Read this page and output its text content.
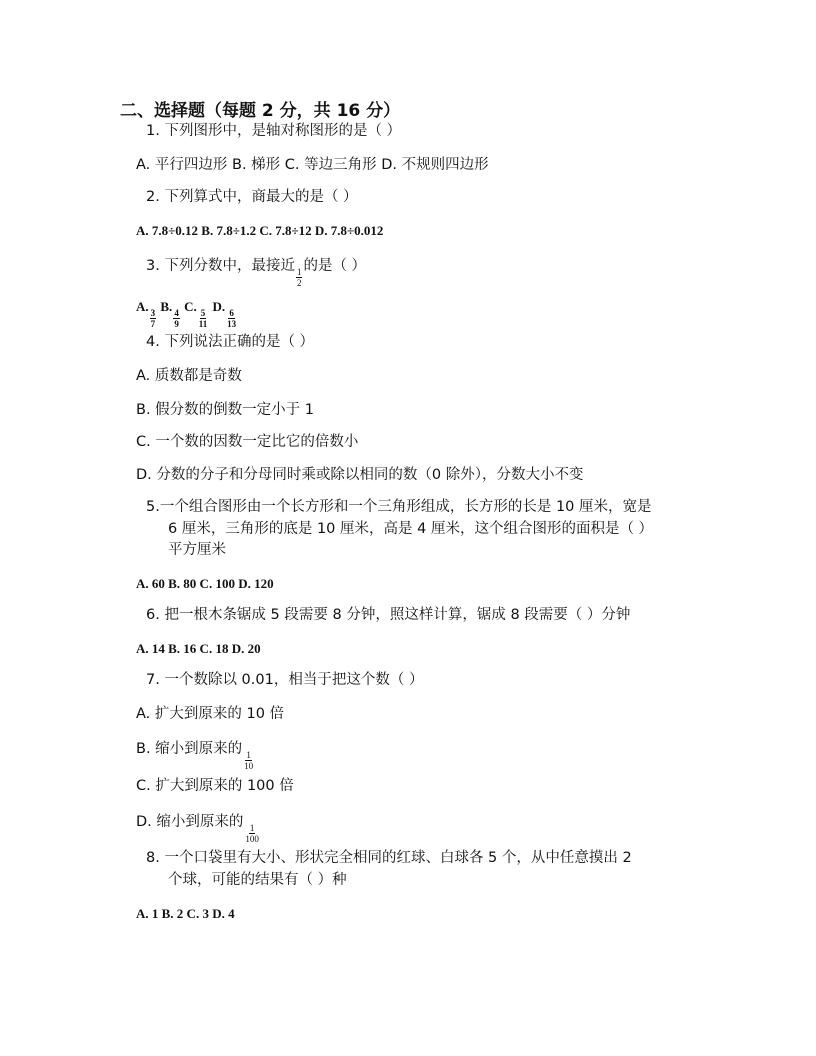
二、选择题（每题 2 分，共 16 分）
1. 下列图形中，是轴对称图形的是（ ）
A. 平行四边形 B. 梯形 C. 等边三角形 D. 不规则四边形
2. 下列算式中，商最大的是（ ）
A. 7.8÷0.12 B. 7.8÷1.2 C. 7.8÷12 D. 7.8÷0.012
3. 下列分数中，最接近
$\frac{1}{2}$
的是（ ）
A.
$\frac{3}{7}$
B.
$\frac{4}{9}$
C.
$\frac{5}{11}$
D.
$\frac{6}{13}$
4. 下列说法正确的是（ ）
A. 质数都是奇数
B. 假分数的倒数一定小于 1
C. 一个数的因数一定比它的倍数小
D. 分数的分子和分母同时乘或除以相同的数（0 除外），分数大小不变
5.一个组合图形由一个长方形和一个三角形组成，长方形的长是 10 厘米，宽是
6 厘米，三角形的底是 10 厘米，高是 4 厘米，这个组合图形的面积是（ ）
平方厘米
A. 60 B. 80 C. 100 D. 120
6. 把一根木条锯成 5 段需要 8 分钟，照这样计算，锯成 8 段需要（ ）分钟
A. 14 B. 16 C. 18 D. 20
7. 一个数除以 0.01，相当于把这个数（ ）
A. 扩大到原来的 10 倍
B. 缩小到原来的
$\frac{1}{10}$
C. 扩大到原来的 100 倍
D. 缩小到原来的
$\frac{1}{100}$
8. 一个口袋里有大小、形状完全相同的红球、白球各 5 个，从中任意摸出 2
个球，可能的结果有（ ）种
A. 1 B. 2 C. 3 D. 4
